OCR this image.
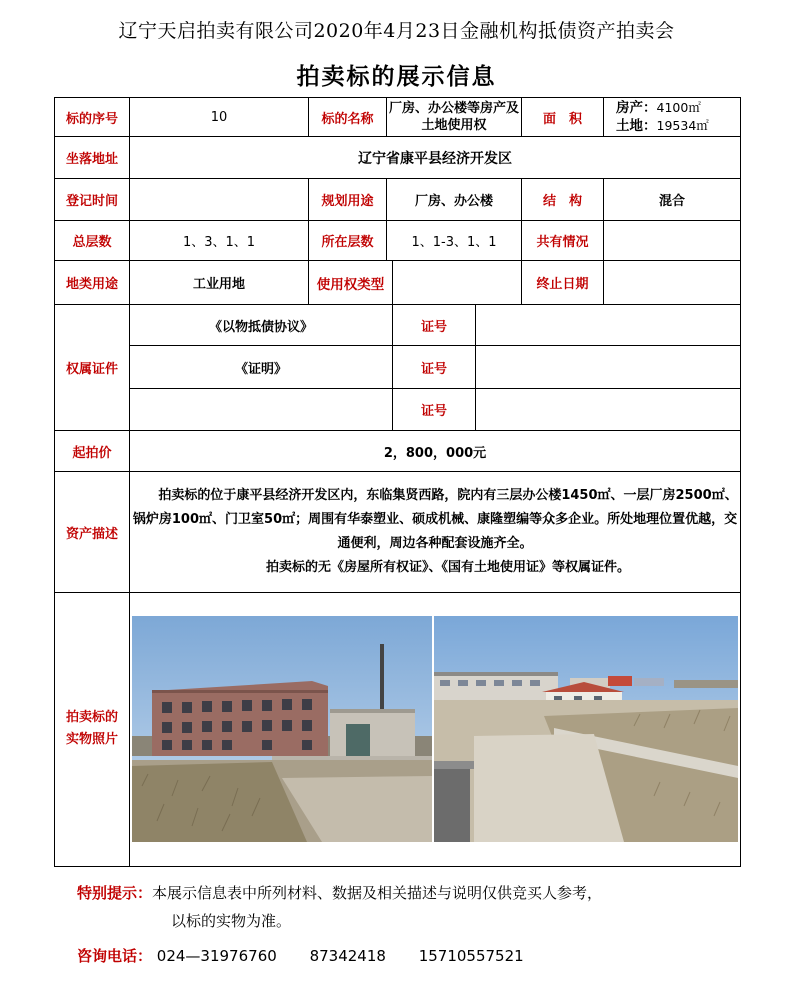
辽宁天启拍卖有限公司2020年4月23日金融机构抵债资产拍卖会
拍卖标的展示信息
标的序号	10	标的名称	厂房、办公楼等房产及土地使用权			面　积	房产：4100㎡
土地：19534㎡

坐落地址	辽宁省康平县经济开发区						
登记时间		规划用途	厂房、办公楼			结　构	混合
总层数	1、3、1、1	所在层数	1、1-3、1、1			共有情况	
地类用途	工业用地	使用权类型				终止日期	
权属证件	《以物抵债协议》			证号			
	《证明》			证号			
				证号			
起拍价	2，800，000元						
资产描述	拍卖标的位于康平县经济开发区内，东临集贤西路，院内有三层办公楼1450㎡、一层厂房2500㎡、锅炉房100㎡、门卫室50㎡；周围有华泰塑业、硕成机械、康隆塑编等众多企业。所处地理位置优越，交通便利，周边各种配套设施齐全。

拍卖标的无《房屋所有权证》、《国有土地使用证》等权属证件。						

拍卖标的
实物照片	
特别提示：本展示信息表中所列材料、数据及相关描述与说明仅供竞买人参考，
以标的实物为准。
咨询电话： 024—31976760 87342418 15710557521
